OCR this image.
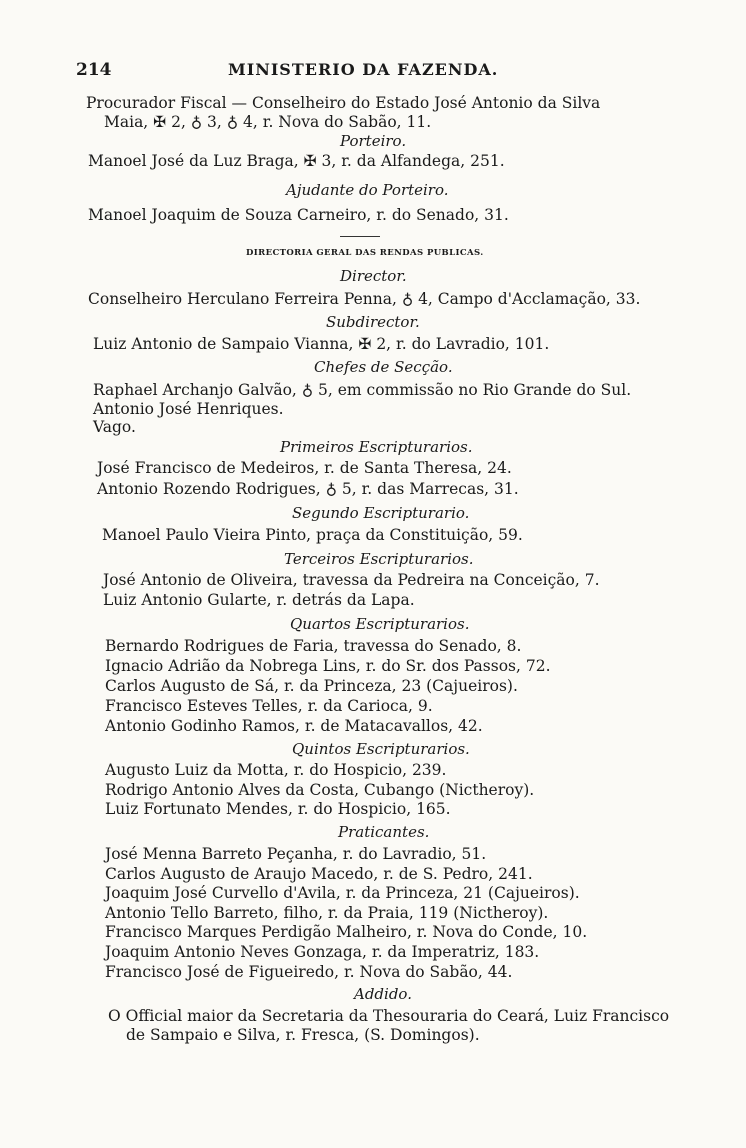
214	MINISTERIO DA FAZENDA.
Procurador Fiscal — Conselheiro do Estado José Antonio da Silva
Maia, ✠ 2, ♁ 3, ♁ 4, r. Nova do Sabão, 11.
Porteiro.
Manoel José da Luz Braga, ✠ 3, r. da Alfandega, 251.
Ajudante do Porteiro.
Manoel Joaquim de Souza Carneiro, r. do Senado, 31.
DIRECTORIA GERAL DAS RENDAS PUBLICAS.
Director.
Conselheiro Herculano Ferreira Penna, ♁ 4, Campo d'Acclamação, 33.
Subdirector.
Luiz Antonio de Sampaio Vianna, ✠ 2, r. do Lavradio, 101.
Chefes de Secção.
Raphael Archanjo Galvão, ♁ 5, em commissão no Rio Grande do Sul.
Antonio José Henriques.
Vago.
Primeiros Escripturarios.
José Francisco de Medeiros, r. de Santa Theresa, 24.
Antonio Rozendo Rodrigues, ♁ 5, r. das Marrecas, 31.
Segundo Escripturario.
Manoel Paulo Vieira Pinto, praça da Constituição, 59.
Terceiros Escripturarios.
José Antonio de Oliveira, travessa da Pedreira na Conceição, 7.
Luiz Antonio Gularte, r. detrás da Lapa.
Quartos Escripturarios.
Bernardo Rodrigues de Faria, travessa do Senado, 8.
Ignacio Adrião da Nobrega Lins, r. do Sr. dos Passos, 72.
Carlos Augusto de Sá, r. da Princeza, 23 (Cajueiros).
Francisco Esteves Telles, r. da Carioca, 9.
Antonio Godinho Ramos, r. de Matacavallos, 42.
Quintos Escripturarios.
Augusto Luiz da Motta, r. do Hospicio, 239.
Rodrigo Antonio Alves da Costa, Cubango (Nictheroy).
Luiz Fortunato Mendes, r. do Hospicio, 165.
Praticantes.
José Menna Barreto Peçanha, r. do Lavradio, 51.
Carlos Augusto de Araujo Macedo, r. de S. Pedro, 241.
Joaquim José Curvello d'Avila, r. da Princeza, 21 (Cajueiros).
Antonio Tello Barreto, filho, r. da Praia, 119 (Nictheroy).
Francisco Marques Perdigão Malheiro, r. Nova do Conde, 10.
Joaquim Antonio Neves Gonzaga, r. da Imperatriz, 183.
Francisco José de Figueiredo, r. Nova do Sabão, 44.
Addido.
O Official maior da Secretaria da Thesouraria do Ceará, Luiz Francisco
de Sampaio e Silva, r. Fresca, (S. Domingos).
